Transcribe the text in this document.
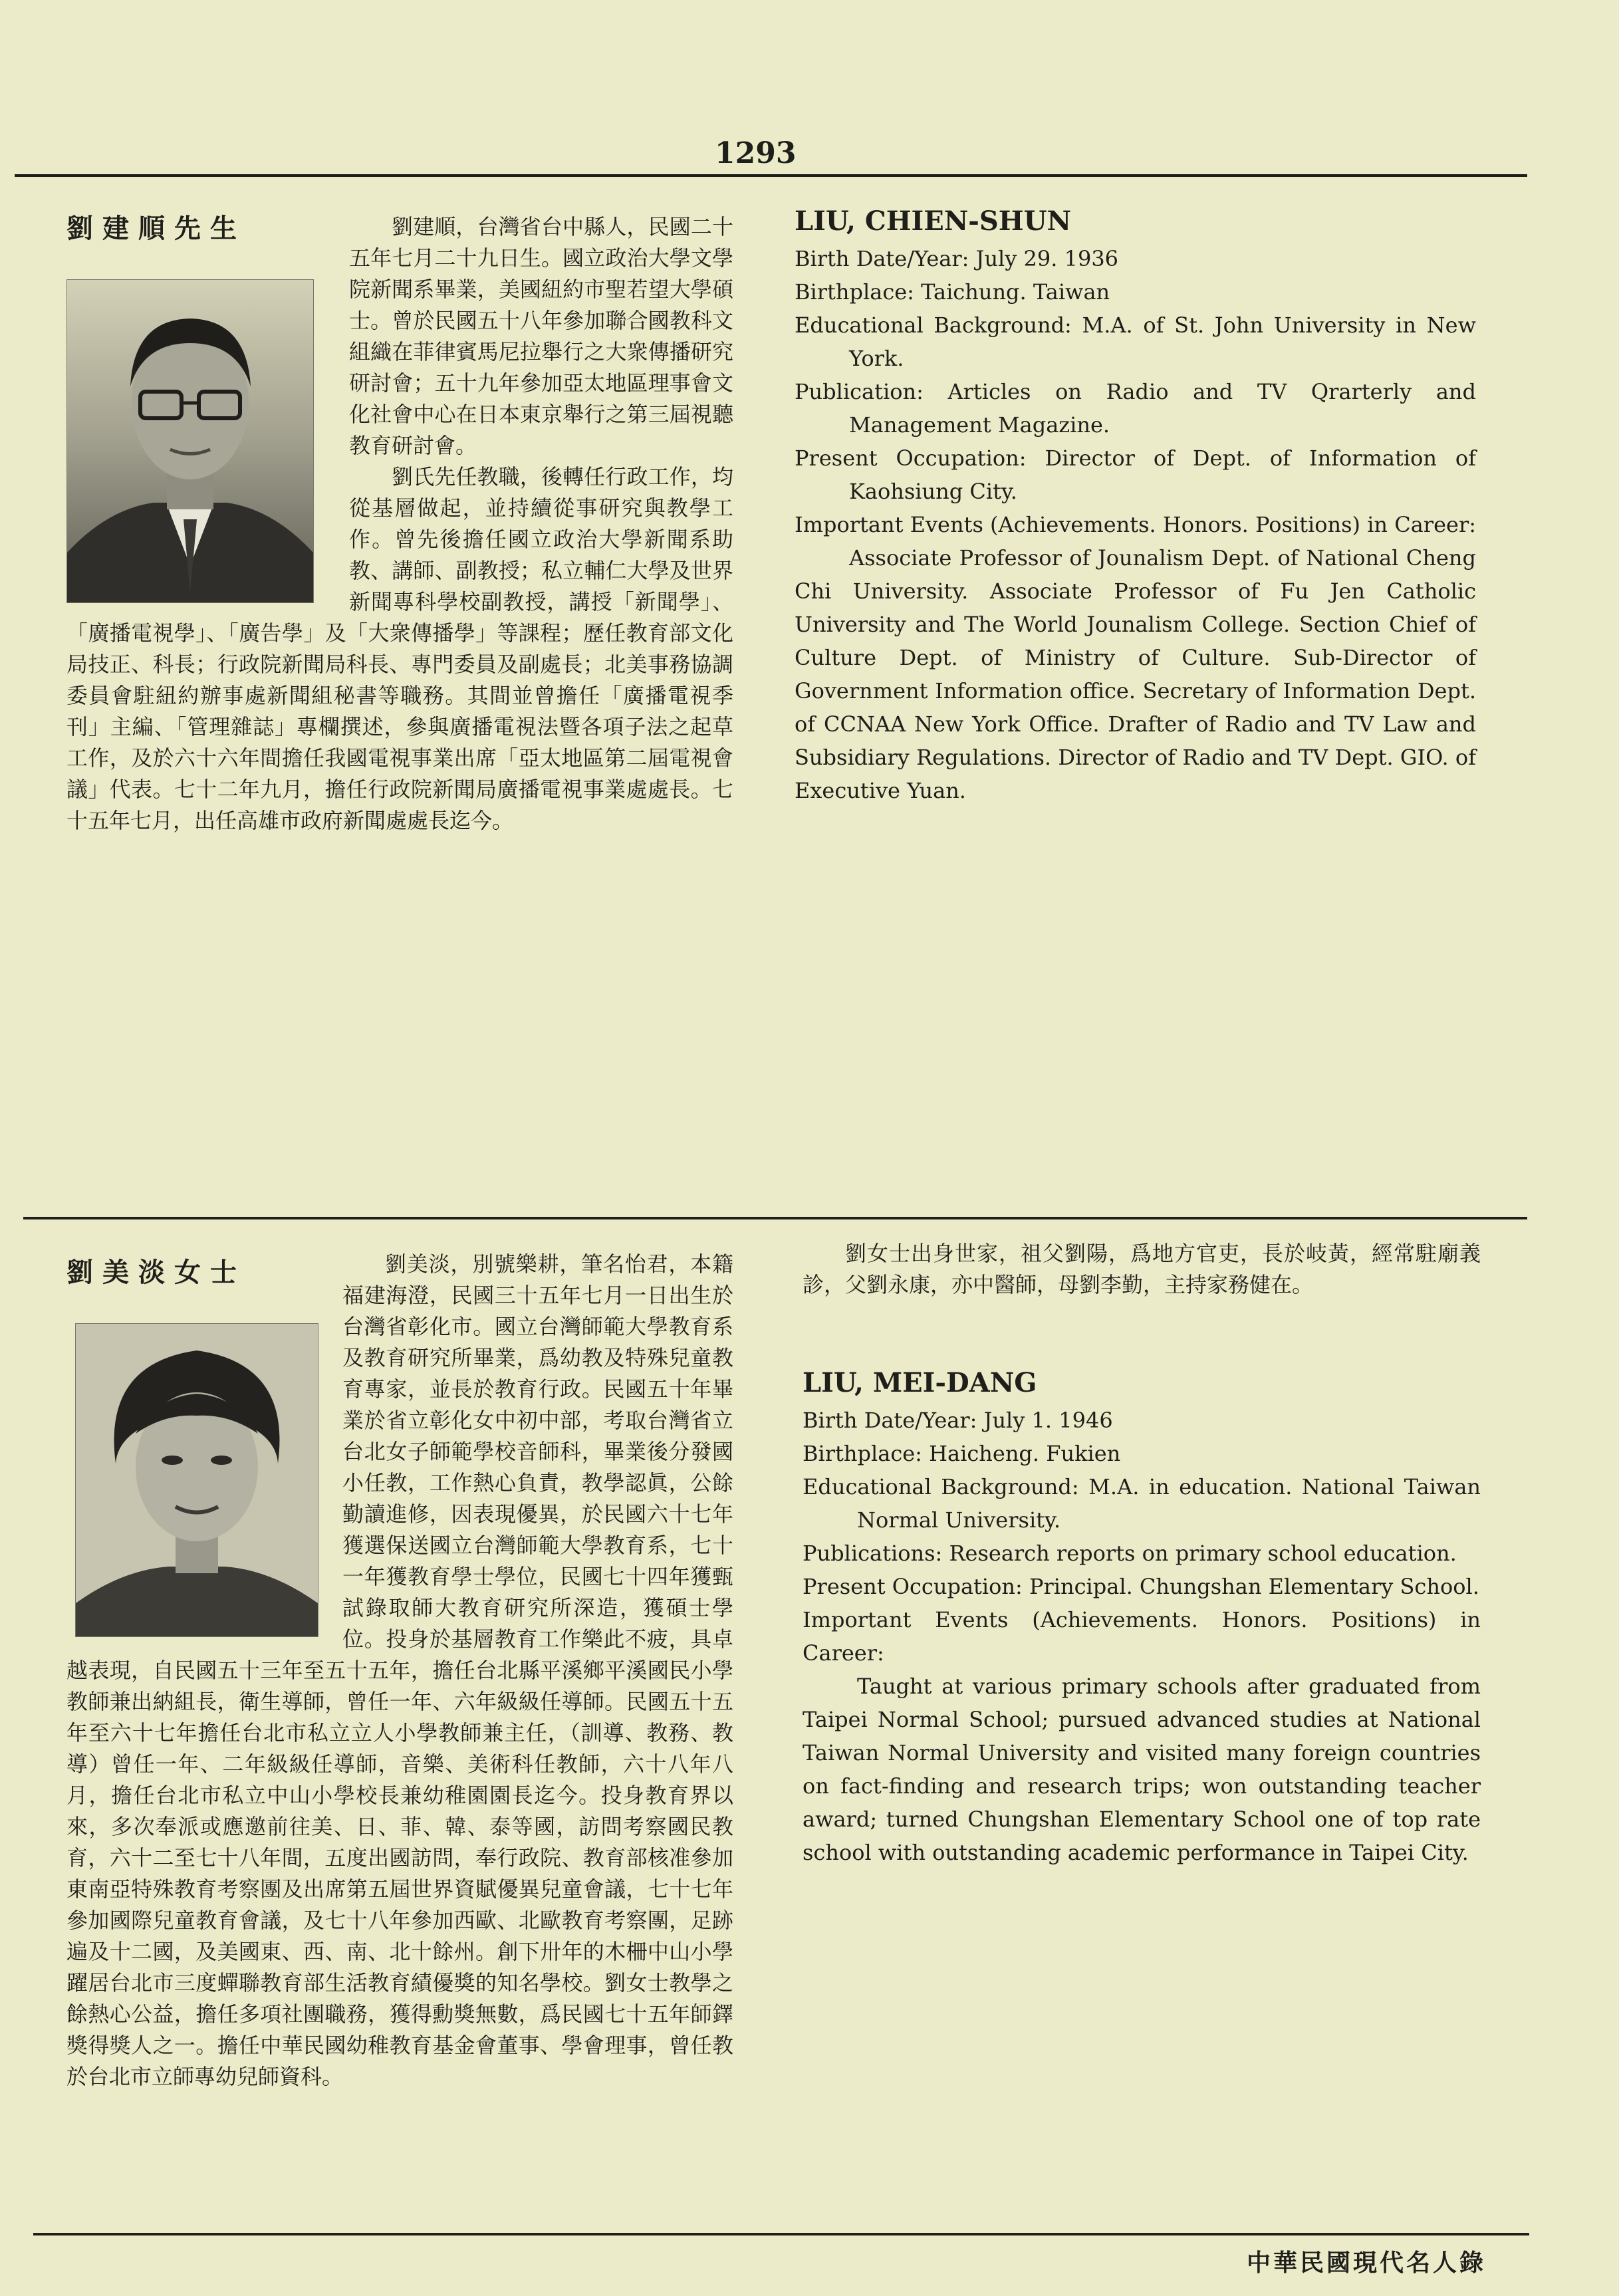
1293
劉建順先生	劉建順，台灣省台中縣人，民國二十五年七月二十九日生。國立政治大學文學院新聞系畢業，美國紐約市聖若望大學碩士。曾於民國五十八年參加聯合國教科文組織在菲律賓馬尼拉舉行之大衆傳播研究研討會；五十九年參加亞太地區理事會文化社會中心在日本東京舉行之第三屆視聽教育研討會。

劉氏先任教職，後轉任行政工作，均從基層做起，並持續從事研究與教學工作。曾先後擔任國立政治大學新聞系助教、講師、副教授；私立輔仁大學及世界新聞專科學校副教授，講授「新聞學」、「廣播電視學」、「廣告學」及「大衆傳播學」等課程；歷任教育部文化局技正、科長；行政院新聞局科長、專門委員及副處長；北美事務協調委員會駐紐約辦事處新聞組秘書等職務。其間並曾擔任「廣播電視季刊」主編、「管理雜誌」專欄撰述，參與廣播電視法暨各項子法之起草工作，及於六十六年間擔任我國電視事業出席「亞太地區第二屆電視會議」代表。七十二年九月，擔任行政院新聞局廣播電視事業處處長。七十五年七月，出任高雄市政府新聞處處長迄今。

LIU, CHIEN-SHUN
Birth Date/Year: July 29. 1936
Birthplace: Taichung. Taiwan
Educational Background: M.A. of St. John University in New York.
Publication: Articles on Radio and TV Qrarterly and Management Magazine.
Present Occupation: Director of Dept. of Information of Kaohsiung City.
Important Events (Achievements. Honors. Positions) in Career:
Associate Professor of Jounalism Dept. of National Cheng Chi University. Associate Professor of Fu Jen Catholic University and The World Jounalism College. Section Chief of Culture Dept. of Ministry of Culture. Sub-Director of Government Information office. Secretary of Information Dept. of CCNAA New York Office. Drafter of Radio and TV Law and Subsidiary Regulations. Director of Radio and TV Dept. GIO. of Executive Yuan.
劉美淡女士	劉美淡，別號樂耕，筆名怡君，本籍福建海澄，民國三十五年七月一日出生於台灣省彰化市。國立台灣師範大學教育系及教育研究所畢業，爲幼教及特殊兒童教育專家，並長於教育行政。民國五十年畢業於省立彰化女中初中部，考取台灣省立台北女子師範學校音師科，畢業後分發國小任教，工作熱心負責，教學認眞，公餘勤讀進修，因表現優異，於民國六十七年獲選保送國立台灣師範大學教育系，七十一年獲教育學士學位，民國七十四年獲甄試錄取師大教育研究所深造，獲碩士學位。投身於基層教育工作樂此不疲，具卓越表現，自民國五十三年至五十五年，擔任台北縣平溪鄉平溪國民小學教師兼出納組長，衛生導師，曾任一年、六年級級任導師。民國五十五年至六十七年擔任台北市私立立人小學教師兼主任，（訓導、教務、教導）曾任一年、二年級級任導師，音樂、美術科任教師，六十八年八月，擔任台北市私立中山小學校長兼幼稚園園長迄今。投身教育界以來，多次奉派或應邀前往美、日、菲、韓、泰等國，訪問考察國民教育，六十二至七十八年間，五度出國訪問，奉行政院、教育部核准參加東南亞特殊教育考察團及出席第五屆世界資賦優異兒童會議，七十七年參加國際兒童教育會議，及七十八年參加西歐、北歐教育考察團，足跡遍及十二國，及美國東、西、南、北十餘州。創下卅年的木柵中山小學躍居台北市三度蟬聯教育部生活教育績優獎的知名學校。劉女士教學之餘熱心公益，擔任多項社團職務，獲得勳獎無數，爲民國七十五年師鐸獎得獎人之一。擔任中華民國幼稚教育基金會董事、學會理事，曾任教於台北市立師專幼兒師資科。

劉女士出身世家，祖父劉陽，爲地方官吏，長於岐黃，經常駐廟義診，父劉永康，亦中醫師，母劉李勤，主持家務健在。

LIU, MEI-DANG
Birth Date/Year: July 1. 1946
Birthplace: Haicheng. Fukien
Educational Background: M.A. in education. National Taiwan Normal University.
Publications: Research reports on primary school education.
Present Occupation: Principal. Chungshan Elementary School.
Important Events (Achievements. Honors. Positions) in Career:
Taught at various primary schools after graduated from Taipei Normal School; pursued advanced studies at National Taiwan Normal University and visited many foreign countries on fact-finding and research trips; won outstanding teacher award; turned Chungshan Elementary School one of top rate school with outstanding academic performance in Taipei City.
中華民國現代名人錄
